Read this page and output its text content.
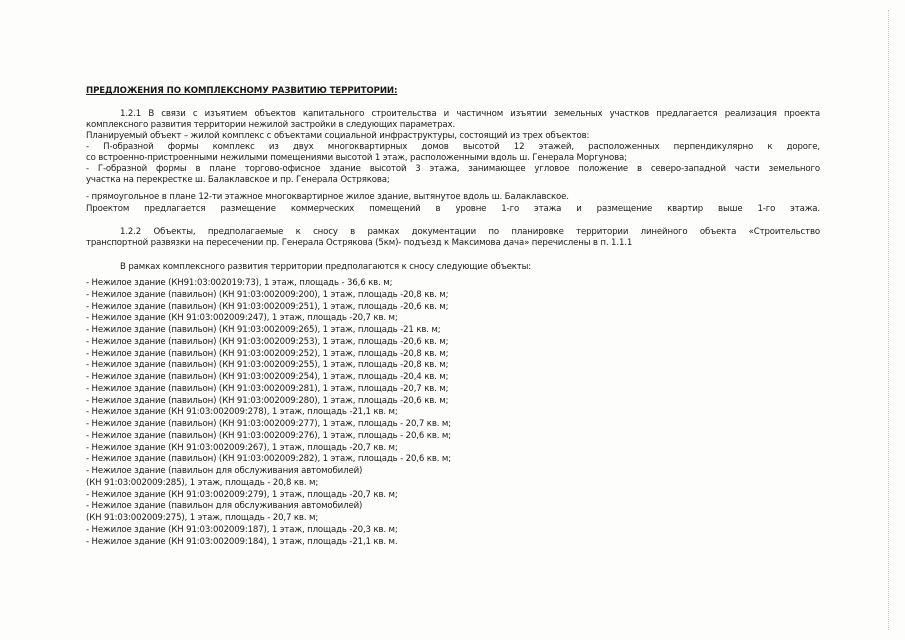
ПРЕДЛОЖЕНИЯ ПО КОМПЛЕКСНОМУ РАЗВИТИЮ ТЕРРИТОРИИ:
1.2.1 В связи с изъятием объектов капитального строительства и частичном изъятии земельных участков предлагается реализация проекта
комплексного развития территории нежилой застройки в следующих параметрах.
Планируемый объект – жилой комплекс с объектами социальной инфраструктуры, состоящий из трех объектов:
- П-образной формы комплекс из двух многоквартирных домов высотой 12 этажей, расположенных перпендикулярно к дороге,
со встроенно-пристроенными нежилыми помещениями высотой 1 этаж, расположенными вдоль ш. Генерала Моргунова;
- Г-образной формы в плане торгово-офисное здание высотой 3 этажа, занимающее угловое положение в северо-западной части земельного
участка на перекрестке ш. Балаклавское и пр. Генерала Острякова;
- прямоугольное в плане 12-ти этажное многоквартирное жилое здание, вытянутое вдоль ш. Балаклавское.
Проектом предлагается размещение коммерческих помещений в уровне 1-го этажа и размещение квартир выше 1-го этажа.
1.2.2 Объекты, предполагаемые к сносу в рамках документации по планировке территории линейного объекта «Строительство
транспортной развязки на пересечении пр. Генерала Острякова (5км)- подъезд к Максимова дача» перечислены в п. 1.1.1
В рамках комплексного развития территории предполагаются к сносу следующие объекты:
- Нежилое здание (КН91:03:002019:73), 1 этаж, площадь - 36,6 кв. м;
- Нежилое здание (павильон) (КН 91:03:002009:200), 1 этаж, площадь -20,8 кв. м;
- Нежилое здание (павильон) (КН 91:03:002009:251), 1 этаж, площадь -20,6 кв. м;
- Нежилое здание (КН 91:03:002009:247), 1 этаж, площадь -20,7 кв. м;
- Нежилое здание (павильон) (КН 91:03:002009:265), 1 этаж, площадь -21 кв. м;
- Нежилое здание (павильон) (КН 91:03:002009:253), 1 этаж, площадь -20,6 кв. м;
- Нежилое здание (павильон) (КН 91:03:002009:252), 1 этаж, площадь -20,8 кв. м;
- Нежилое здание (павильон) (КН 91:03:002009:255), 1 этаж, площадь -20,8 кв. м;
- Нежилое здание (павильон) (КН 91:03:002009:254), 1 этаж, площадь -20,4 кв. м;
- Нежилое здание (павильон) (КН 91:03:002009:281), 1 этаж, площадь -20,7 кв. м;
- Нежилое здание (павильон) (КН 91:03:002009:280), 1 этаж, площадь -20,6 кв. м;
- Нежилое здание (КН 91:03:002009:278), 1 этаж, площадь -21,1 кв. м;
- Нежилое здание (павильон) (КН 91:03:002009:277), 1 этаж, площадь - 20,7 кв. м;
- Нежилое здание (павильон) (КН 91:03:002009:276), 1 этаж, площадь - 20,6 кв. м;
- Нежилое здание (КН 91:03:002009:267), 1 этаж, площадь -20,7 кв. м;
- Нежилое здание (павильон) (КН 91:03:002009:282), 1 этаж, площадь - 20,6 кв. м;
- Нежилое здание (павильон для обслуживания автомобилей)
(КН 91:03:002009:285), 1 этаж, площадь - 20,8 кв. м;
- Нежилое здание (КН 91:03:002009:279), 1 этаж, площадь -20,7 кв. м;
- Нежилое здание (павильон для обслуживания автомобилей)
(КН 91:03:002009:275), 1 этаж, площадь - 20,7 кв. м;
- Нежилое здание (КН 91:03:002009:187), 1 этаж, площадь -20,3 кв. м;
- Нежилое здание (КН 91:03:002009:184), 1 этаж, площадь -21,1 кв. м.
